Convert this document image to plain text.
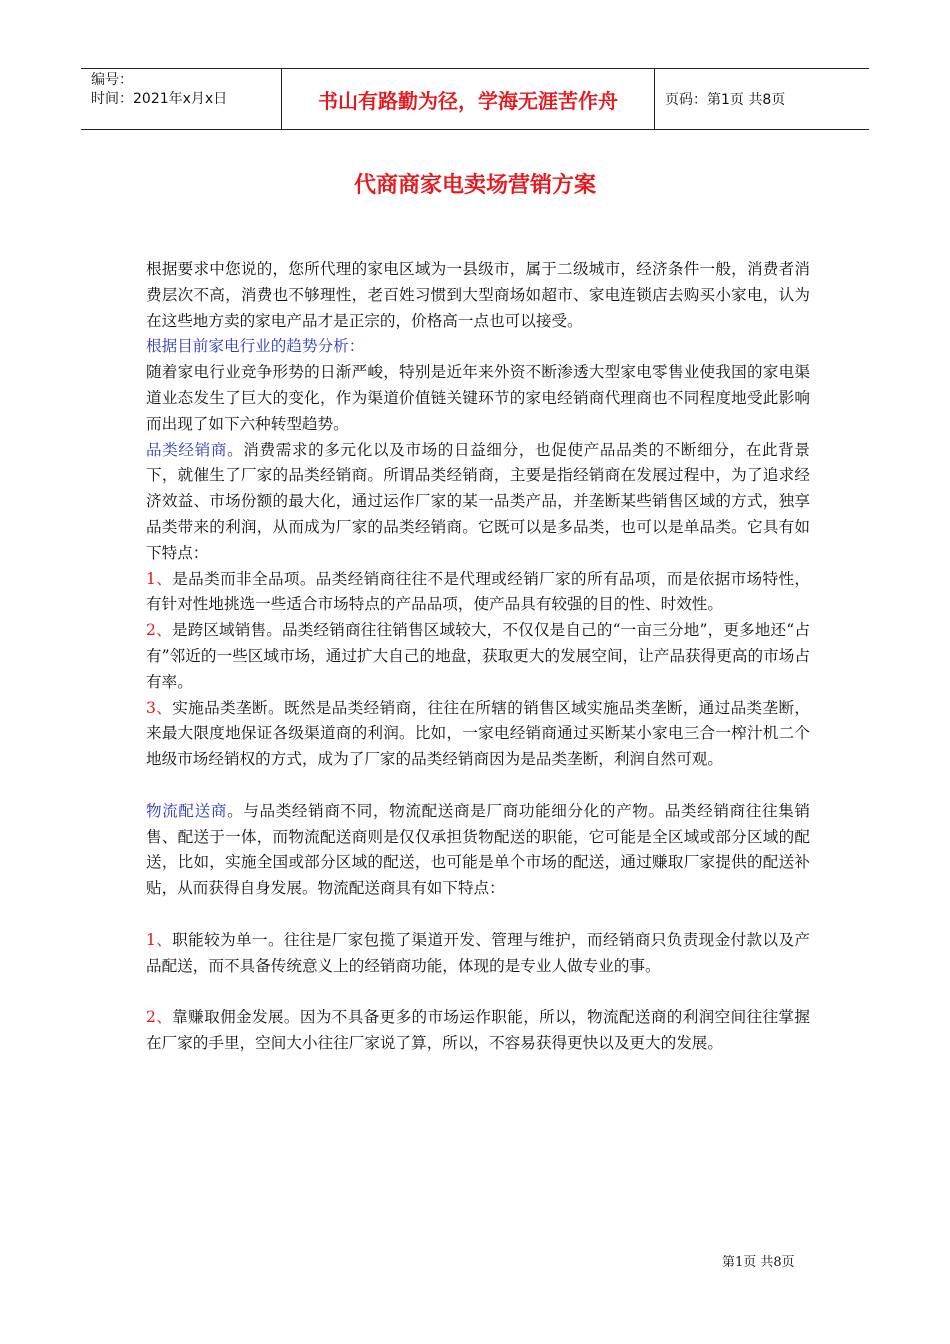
编号：
时间：2021年x月x日	书山有路勤为径，学海无涯苦作舟	页码：第1页 共8页
代商商家电卖场营销方案

根据要求中您说的，您所代理的家电区域为一县级市，属于二级城市，经济条件一般，消费者消费层次不高，消费也不够理性，老百姓习惯到大型商场如超市、家电连锁店去购买小家电，认为在这些地方卖的家电产品才是正宗的，价格高一点也可以接受。

根据目前家电行业的趋势分析：

随着家电行业竞争形势的日渐严峻，特别是近年来外资不断渗透大型家电零售业使我国的家电渠道业态发生了巨大的变化，作为渠道价值链关键环节的家电经销商代理商也不同程度地受此影响而出现了如下六种转型趋势。

品类经销商。消费需求的多元化以及市场的日益细分，也促使产品品类的不断细分，在此背景下，就催生了厂家的品类经销商。所谓品类经销商，主要是指经销商在发展过程中，为了追求经济效益、市场份额的最大化，通过运作厂家的某一品类产品，并垄断某些销售区域的方式，独享品类带来的利润，从而成为厂家的品类经销商。它既可以是多品类，也可以是单品类。它具有如下特点：

1、是品类而非全品项。品类经销商往往不是代理或经销厂家的所有品项，而是依据市场特性，有针对性地挑选一些适合市场特点的产品品项，使产品具有较强的目的性、时效性。

2、是跨区域销售。品类经销商往往销售区域较大，不仅仅是自己的“一亩三分地”，更多地还“占有”邻近的一些区域市场，通过扩大自己的地盘，获取更大的发展空间，让产品获得更高的市场占有率。

3、实施品类垄断。既然是品类经销商，往往在所辖的销售区域实施品类垄断，通过品类垄断，来最大限度地保证各级渠道商的利润。比如，一家电经销商通过买断某小家电三合一榨汁机二个地级市场经销权的方式，成为了厂家的品类经销商因为是品类垄断，利润自然可观。

物流配送商。与品类经销商不同，物流配送商是厂商功能细分化的产物。品类经销商往往集销售、配送于一体，而物流配送商则是仅仅承担货物配送的职能，它可能是全区域或部分区域的配送，比如，实施全国或部分区域的配送，也可能是单个市场的配送，通过赚取厂家提供的配送补贴，从而获得自身发展。物流配送商具有如下特点：

1、职能较为单一。往往是厂家包揽了渠道开发、管理与维护，而经销商只负责现金付款以及产品配送，而不具备传统意义上的经销商功能，体现的是专业人做专业的事。

2、靠赚取佣金发展。因为不具备更多的市场运作职能，所以，物流配送商的利润空间往往掌握在厂家的手里，空间大小往往厂家说了算，所以，不容易获得更快以及更大的发展。

第1页 共8页
